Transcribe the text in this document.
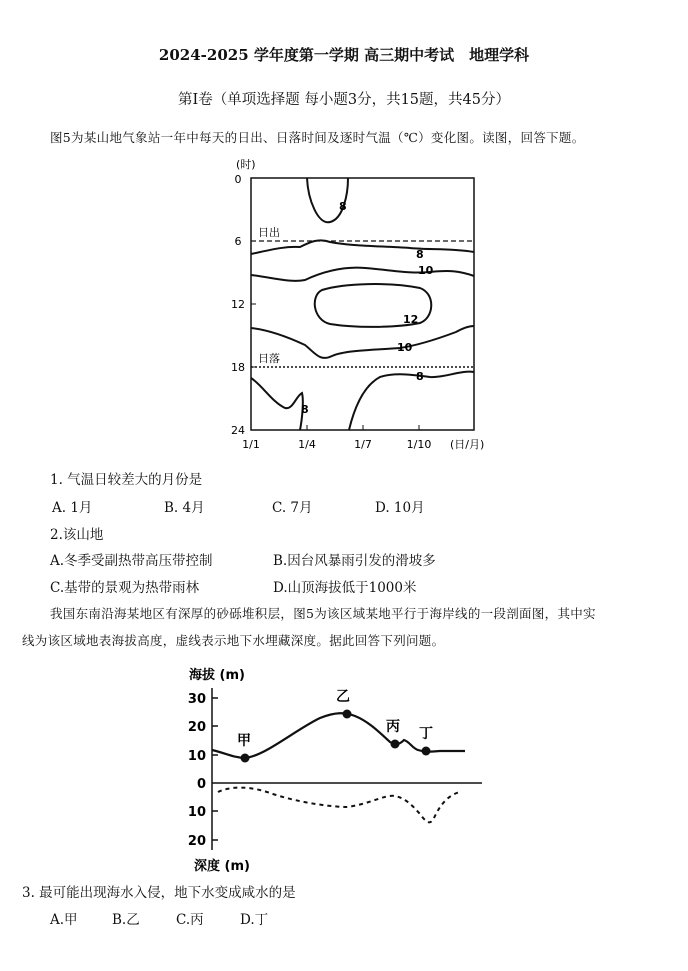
2024-2025 学年度第一学期 高三期中考试　地理学科
第Ⅰ卷（单项选择题 每小题3分，共15题，共45分）
图5为某山地气象站一年中每天的日出、日落时间及逐时气温（℃）变化图。读图，回答下题。
(时)
0
6
12
18
24
1/1	1/4	1/7	1/10 (日/月)
日出
日落
8
8
10
12
10
8
8
1. 气温日较差大的月份是
A. 1月	B. 4月	C. 7月	D. 10月
2.该山地
A.冬季受副热带高压带控制	B.因台风暴雨引发的滑坡多
C.基带的景观为热带雨林	D.山顶海拔低于1000米
我国东南沿海某地区有深厚的砂砾堆积层，图5为该区域某地平行于海岸线的一段剖面图，其中实
线为该区域地表海拔高度，虚线表示地下水埋藏深度。据此回答下列问题。
海拔 (m)
深度 (m)
30
20
10
0
10
20
甲
乙
丙 丁
3. 最可能出现海水入侵，地下水变成咸水的是
A.甲	B.乙	C.丙	D.丁
